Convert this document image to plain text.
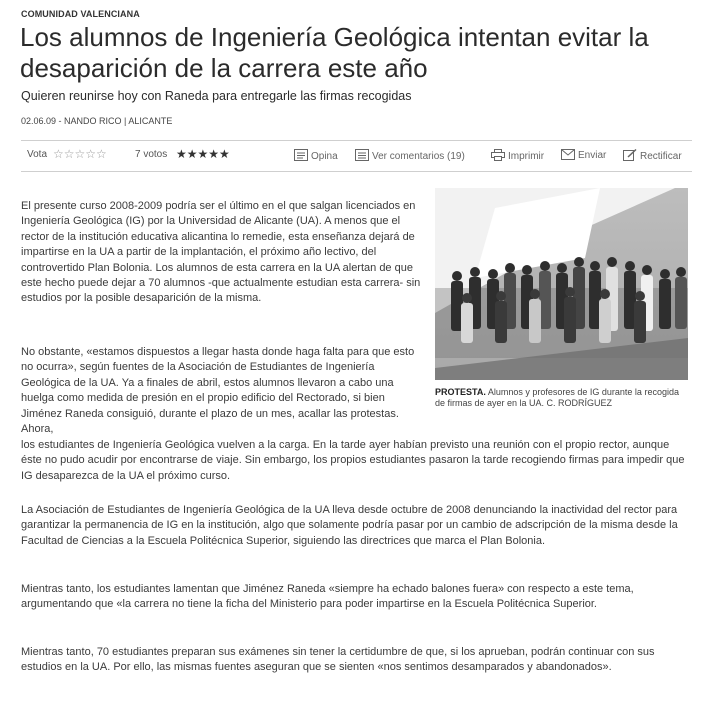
COMUNIDAD VALENCIANA
Los alumnos de Ingeniería Geológica intentan evitar la desaparición de la carrera este año
Quieren reunirse hoy con Raneda para entregarle las firmas recogidas
02.06.09 - NANDO RICO | ALICANTE
Vota ☆☆☆☆☆	7 votos ★★★★★	Opina	Ver comentarios (19)	Imprimir	Enviar	Rectificar
PROTESTA. Alumnos y profesores de IG durante la recogida de firmas de ayer en la UA. C. RODRÍGUEZ

El presente curso 2008-2009 podría ser el último en el que salgan licenciados en Ingeniería Geológica (IG) por la Universidad de Alicante (UA). A menos que el rector de la institución educativa alicantina lo remedie, esta enseñanza dejará de impartirse en la UA a partir de la implantación, el próximo año lectivo, del controvertido Plan Bolonia. Los alumnos de esta carrera en la UA alertan de que este hecho puede dejar a 70 alumnos -que actualmente estudian esta carrera- sin estudios por la posible desaparición de la misma.

No obstante, «estamos dispuestos a llegar hasta donde haga falta para que esto no ocurra», según fuentes de la Asociación de Estudiantes de Ingeniería Geológica de la UA. Ya a finales de abril, estos alumnos llevaron a cabo una huelga como medida de presión en el propio edificio del Rectorado, si bien Jiménez Raneda consiguió, durante el plazo de un mes, acallar las protestas. Ahora,

los estudiantes de Ingeniería Geológica vuelven a la carga. En la tarde ayer habían previsto una reunión con el propio rector, aunque éste no pudo acudir por encontrarse de viaje. Sin embargo, los propios estudiantes pasaron la tarde recogiendo firmas para impedir que IG desaparezca de la UA el próximo curso.

La Asociación de Estudiantes de Ingeniería Geológica de la UA lleva desde octubre de 2008 denunciando la inactividad del rector para garantizar la permanencia de IG en la institución, algo que solamente podría pasar por un cambio de adscripción de la misma desde la Facultad de Ciencias a la Escuela Politécnica Superior, siguiendo las directrices que marca el Plan Bolonia.

Mientras tanto, los estudiantes lamentan que Jiménez Raneda «siempre ha echado balones fuera» con respecto a este tema, argumentando que «la carrera no tiene la ficha del Ministerio para poder impartirse en la Escuela Politécnica Superior.

Mientras tanto, 70 estudiantes preparan sus exámenes sin tener la certidumbre de que, si los aprueban, podrán continuar con sus estudios en la UA. Por ello, las mismas fuentes aseguran que se sienten «nos sentimos desamparados y abandonados».
